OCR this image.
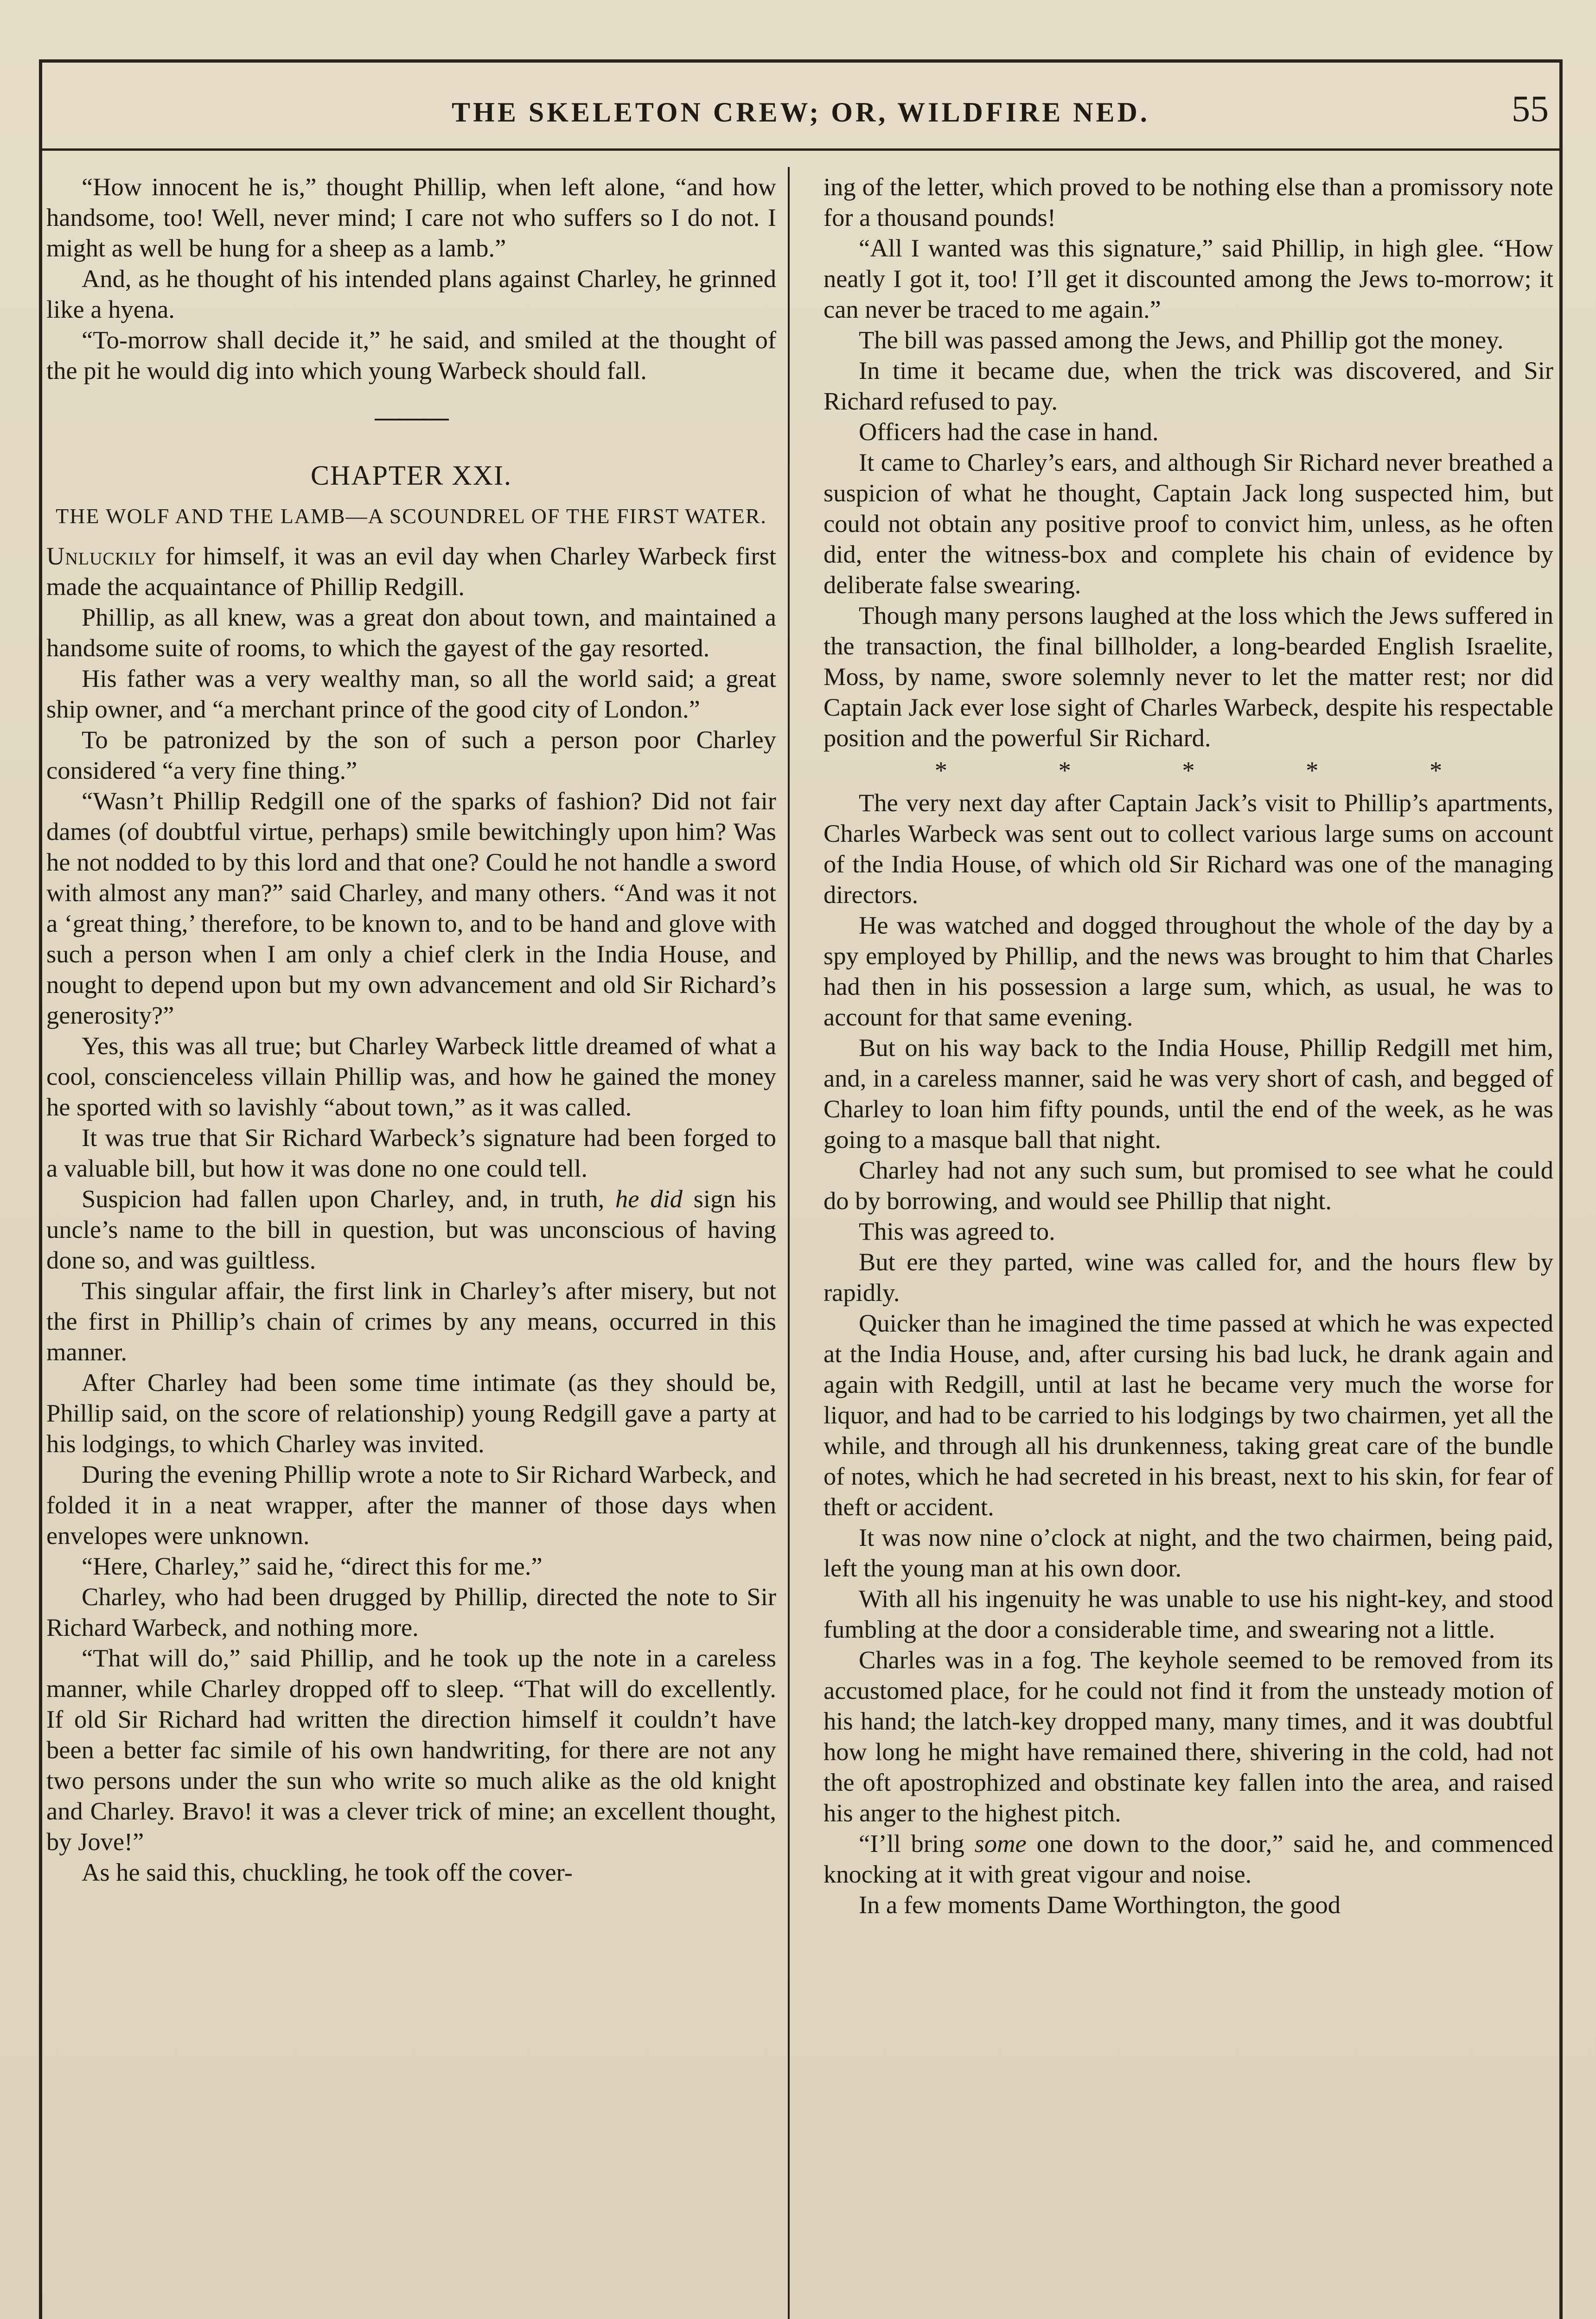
THE SKELETON CREW; OR, WILDFIRE NED.	55

“How innocent he is,” thought Phillip, when left alone, “and how handsome, too! Well, never mind; I care not who suffers so I do not. I might as well be hung for a sheep as a lamb.”

And, as he thought of his intended plans against Charley, he grinned like a hyena.

“To-morrow shall decide it,” he said, and smiled at the thought of the pit he would dig into which young Warbeck should fall.

———
CHAPTER XXI.
THE WOLF AND THE LAMB—A SCOUNDREL OF THE FIRST WATER.

Unluckily for himself, it was an evil day when Charley Warbeck first made the acquaintance of Phillip Redgill.

Phillip, as all knew, was a great don about town, and maintained a handsome suite of rooms, to which the gayest of the gay resorted.

His father was a very wealthy man, so all the world said; a great ship owner, and “a merchant prince of the good city of London.”

To be patronized by the son of such a person poor Charley considered “a very fine thing.”

“Wasn’t Phillip Redgill one of the sparks of fashion? Did not fair dames (of doubtful virtue, perhaps) smile bewitchingly upon him? Was he not nodded to by this lord and that one? Could he not handle a sword with almost any man?” said Charley, and many others. “And was it not a ‘great thing,’ therefore, to be known to, and to be hand and glove with such a person when I am only a chief clerk in the India House, and nought to depend upon but my own advancement and old Sir Richard’s generosity?”

Yes, this was all true; but Charley Warbeck little dreamed of what a cool, conscienceless villain Phillip was, and how he gained the money he sported with so lavishly “about town,” as it was called.

It was true that Sir Richard Warbeck’s signature had been forged to a valuable bill, but how it was done no one could tell.

Suspicion had fallen upon Charley, and, in truth, he did sign his uncle’s name to the bill in question, but was unconscious of having done so, and was guiltless.

This singular affair, the first link in Charley’s after misery, but not the first in Phillip’s chain of crimes by any means, occurred in this manner.

After Charley had been some time intimate (as they should be, Phillip said, on the score of relationship) young Redgill gave a party at his lodgings, to which Charley was invited.

During the evening Phillip wrote a note to Sir Richard Warbeck, and folded it in a neat wrapper, after the manner of those days when envelopes were unknown.

“Here, Charley,” said he, “direct this for me.”

Charley, who had been drugged by Phillip, directed the note to Sir Richard Warbeck, and nothing more.

“That will do,” said Phillip, and he took up the note in a careless manner, while Charley dropped off to sleep. “That will do excellently. If old Sir Richard had written the direction himself it couldn’t have been a better fac simile of his own handwriting, for there are not any two persons under the sun who write so much alike as the old knight and Charley. Bravo! it was a clever trick of mine; an excellent thought, by Jove!”

As he said this, chuckling, he took off the cover-

ing of the letter, which proved to be nothing else than a promissory note for a thousand pounds!

“All I wanted was this signature,” said Phillip, in high glee. “How neatly I got it, too! I’ll get it discounted among the Jews to-morrow; it can never be traced to me again.”

The bill was passed among the Jews, and Phillip got the money.

In time it became due, when the trick was discovered, and Sir Richard refused to pay.

Officers had the case in hand.

It came to Charley’s ears, and although Sir Richard never breathed a suspicion of what he thought, Captain Jack long suspected him, but could not obtain any positive proof to convict him, unless, as he often did, enter the witness-box and complete his chain of evidence by deliberate false swearing.

Though many persons laughed at the loss which the Jews suffered in the transaction, the final billholder, a long-bearded English Israelite, Moss, by name, swore solemnly never to let the matter rest; nor did Captain Jack ever lose sight of Charles Warbeck, despite his respectable position and the powerful Sir Richard.

*	*	*	*	*

The very next day after Captain Jack’s visit to Phillip’s apartments, Charles Warbeck was sent out to collect various large sums on account of the India House, of which old Sir Richard was one of the managing directors.

He was watched and dogged throughout the whole of the day by a spy employed by Phillip, and the news was brought to him that Charles had then in his possession a large sum, which, as usual, he was to account for that same evening.

But on his way back to the India House, Phillip Redgill met him, and, in a careless manner, said he was very short of cash, and begged of Charley to loan him fifty pounds, until the end of the week, as he was going to a masque ball that night.

Charley had not any such sum, but promised to see what he could do by borrowing, and would see Phillip that night.

This was agreed to.

But ere they parted, wine was called for, and the hours flew by rapidly.

Quicker than he imagined the time passed at which he was expected at the India House, and, after cursing his bad luck, he drank again and again with Redgill, until at last he became very much the worse for liquor, and had to be carried to his lodgings by two chairmen, yet all the while, and through all his drunkenness, taking great care of the bundle of notes, which he had secreted in his breast, next to his skin, for fear of theft or accident.

It was now nine o’clock at night, and the two chairmen, being paid, left the young man at his own door.

With all his ingenuity he was unable to use his night-key, and stood fumbling at the door a considerable time, and swearing not a little.

Charles was in a fog. The keyhole seemed to be removed from its accustomed place, for he could not find it from the unsteady motion of his hand; the latch-key dropped many, many times, and it was doubtful how long he might have remained there, shivering in the cold, had not the oft apostrophized and obstinate key fallen into the area, and raised his anger to the highest pitch.

“I’ll bring some one down to the door,” said he, and commenced knocking at it with great vigour and noise.

In a few moments Dame Worthington, the good
